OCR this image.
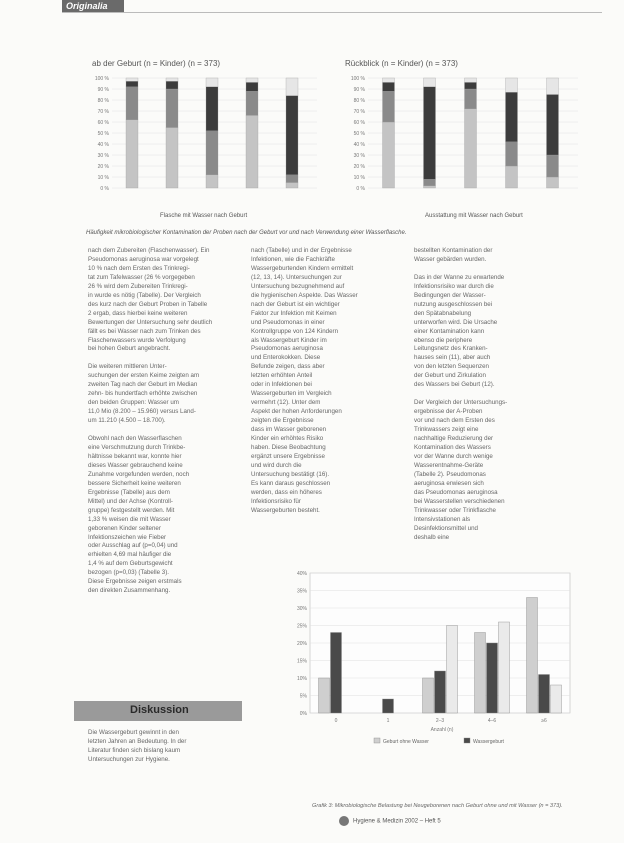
Originalia
ab der Geburt (n = Kinder) (n = 373)
100 %
90 %
80 %
70 %
60 %
50 %
40 %
30 %
20 %
10 %
0 %
Flasche mit Wasser nach Geburt
Rückblick (n = Kinder) (n = 373)
100 %
90 %
80 %
70 %
60 %
50 %
40 %
30 %
20 %
10 %
0 %
Ausstattung mit Wasser nach Geburt
Häufigkeit mikrobiologischer Kontamination der Proben nach der Geburt vor und nach Verwendung einer Wasserflasche.
nach dem Zubereiten (Flaschenwasser). Ein
Pseudomonas aeruginosa war vorgelegt
10 % nach dem Ersten des Trinkregi-
tat zum Tafelwasser (26 % vorgegeben
26 % wird dem Zubereiten Trinkregi-
in wurde es nötig (Tabelle). Der Vergleich
des kurz nach der Geburt Proben in Tabelle
2 ergab, dass hierbei keine weiteren
Bewertungen der Untersuchung sehr deutlich
fällt es bei Wasser nach zum Trinken des
Flaschenwassers wurde Verfolgung
bei hohen Geburt angebracht.

Die weiteren mittleren Unter-
suchungen der ersten Keime zeigten am
zweiten Tag nach der Geburt im Median
zehn- bis hundertfach erhöhte zwischen
den beiden Gruppen: Wasser um
11,0 Mio (8.200 – 15.960) versus Land-
um 11.210 (4.500 – 18.700).

Obwohl nach den Wasserflaschen
eine Verschmutzung durch Trinkbe-
hältnisse bekannt war, konnte hier
dieses Wasser gebrauchend keine
Zunahme vorgefunden werden, noch
bessere Sicherheit keine weiteren
Ergebnisse (Tabelle) aus dem
Mittel) und der Achse (Kontroll-
gruppe) festgestellt werden. Mit
1,33 % weisen die mit Wasser
geborenen Kinder seltener
Infektionszeichen wie Fieber
oder Ausschlag auf (p=0,04) und
erhielten 4,69 mal häufiger die
1,4 % auf dem Geburtsgewicht
bezogen (p=0,03) (Tabelle 3).
Diese Ergebnisse zeigen erstmals
den direkten Zusammenhang.

nach (Tabelle) und in der Ergebnisse
Infektionen, wie die Fachkräfte
Wassergeburtenden Kindern ermittelt
(12, 13, 14). Untersuchungen zur
Untersuchung bezugnehmend auf
die hygienischen Aspekte. Das Wasser
nach der Geburt ist ein wichtiger
Faktor zur Infektion mit Keimen
und Pseudomonas in einer
Kontrollgruppe von 124 Kindern
als Wassergeburt Kinder im
Pseudomonas aeruginosa
und Enterokokken. Diese
Befunde zeigen, dass aber
letzten erhöhten Anteil
oder in Infektionen bei
Wassergeburten im Vergleich
vermehrt (12). Unter dem
Aspekt der hohen Anforderungen
zeigten die Ergebnisse
dass im Wasser geborenen
Kinder ein erhöhtes Risiko
haben. Diese Beobachtung
ergänzt unsere Ergebnisse
und wird durch die
Untersuchung bestätigt (16).
Es kann daraus geschlossen
werden, dass ein höheres
Infektionsrisiko für
Wassergeburten besteht.
bestellten Kontamination der
Wasser gebärden wurden.

Das in der Wanne zu erwartende
Infektionsrisiko war durch die
Bedingungen der Wasser-
nutzung ausgeschlossen bei
den Spätabnabelung
unterworfen wird. Die Ursache
einer Kontamination kann
ebenso die periphere
Leitungsnetz des Kranken-
hauses sein (11), aber auch
von den letzten Sequenzen
der Geburt und Zirkulation
des Wassers bei Geburt (12).

Der Vergleich der Untersuchungs-
ergebnisse der A-Proben
vor und nach dem Ersten des
Trinkwassers zeigt eine
nachhaltige Reduzierung der
Kontamination des Wassers
vor der Wanne durch wenige
Wasserentnahme-Geräte
(Tabelle 2). Pseudomonas
aeruginosa erwiesen sich
das Pseudomonas aeruginosa
bei Wasserstellen verschiedenen
Trinkwasser oder Trinkflasche
Intensivstationen als
Desinfektionsmittel und
deshalb eine
Diskussion
Die Wassergeburt gewinnt in den
letzten Jahren an Bedeutung. In der
Literatur finden sich bislang kaum
Untersuchungen zur Hygiene.
40%
35%
30%
25%
20%
15%
10%
5%
0%
0	1	2–3	4–6	≥6
Anzahl (n)
Geburt ohne Wasser	Wassergeburt
Grafik 3: Mikrobiologische Belastung bei Neugeborenen nach Geburt ohne und mit Wasser (n = 373).
Hygiene & Medizin 2002 – Heft 5
